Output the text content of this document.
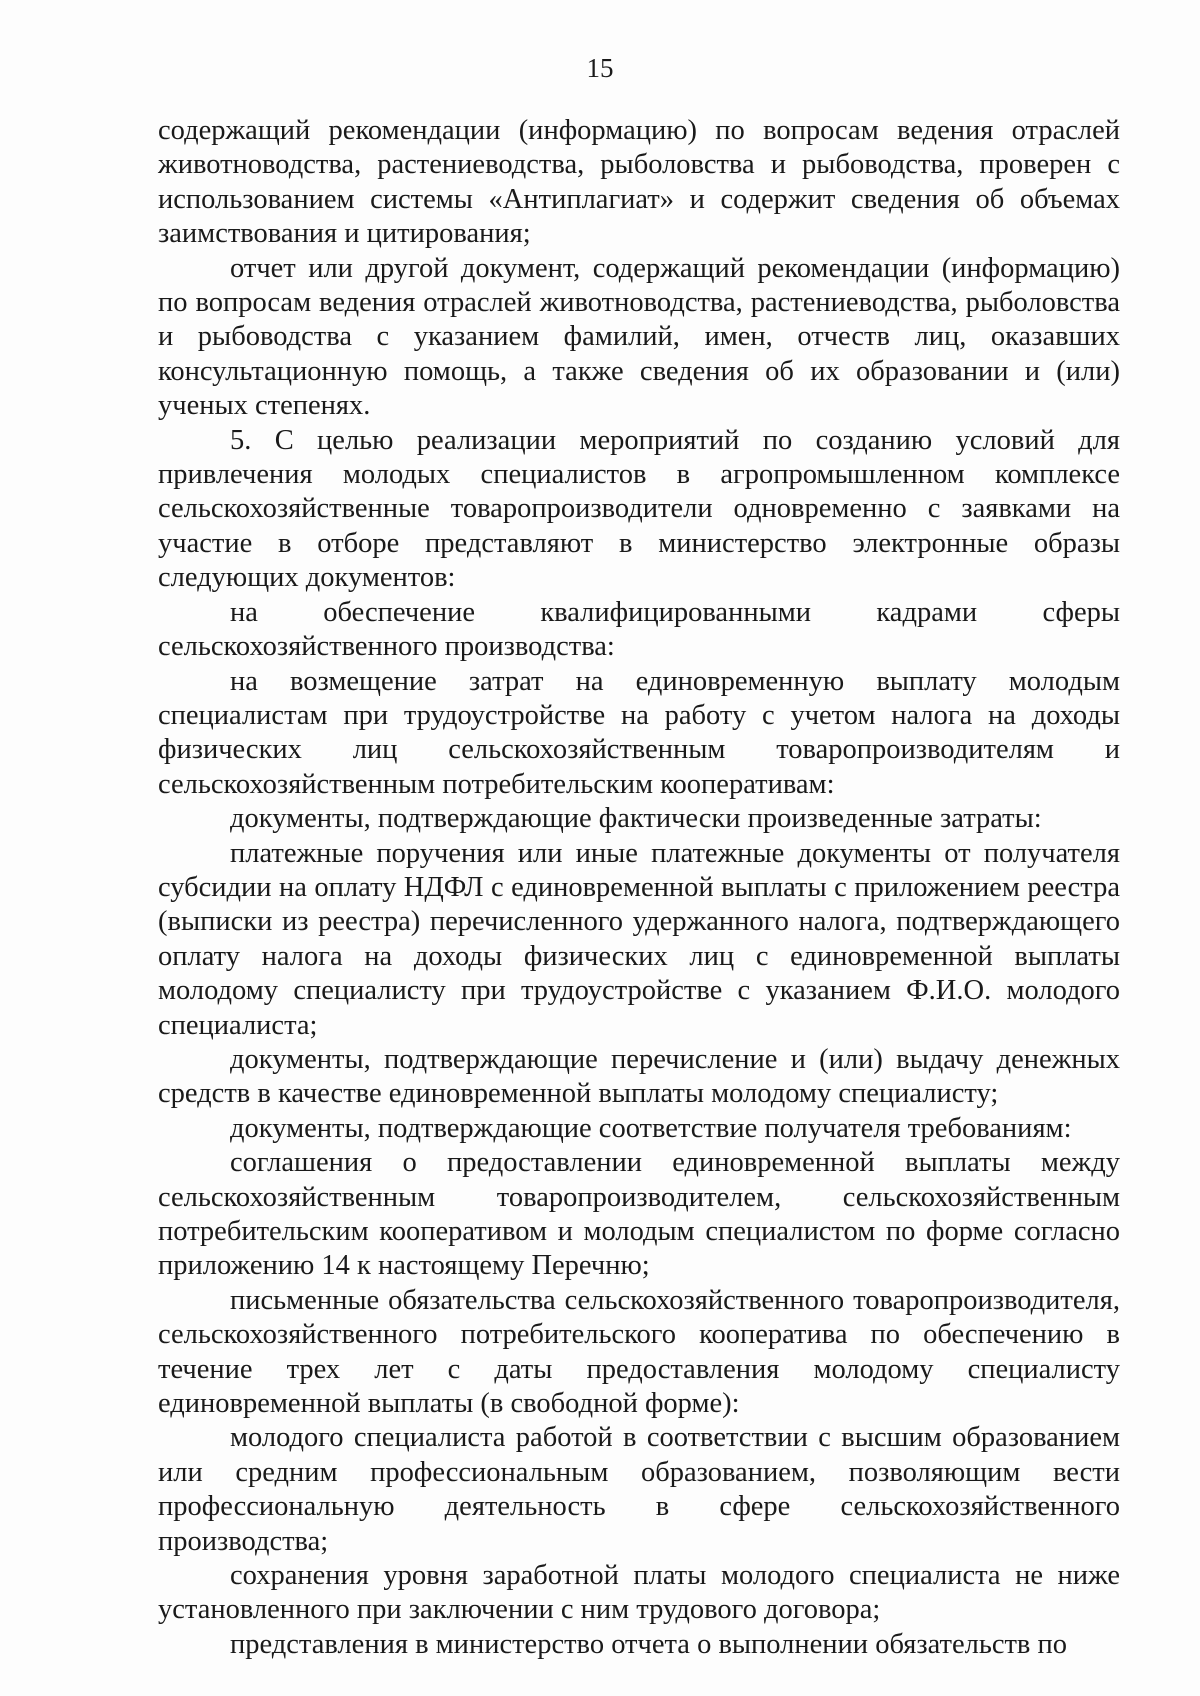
15

содержащий рекомендации (информацию) по вопросам ведения отраслей животноводства, растениеводства, рыболовства и рыбоводства, проверен с использованием системы «Антиплагиат» и содержит сведения об объемах заимствования и цитирования;

отчет или другой документ, содержащий рекомендации (информацию) по вопросам ведения отраслей животноводства, растениеводства, рыболовства и рыбоводства с указанием фамилий, имен, отчеств лиц, оказавших консультационную помощь, а также сведения об их образовании и (или) ученых степенях.

5. С целью реализации мероприятий по созданию условий для привлечения молодых специалистов в агропромышленном комплексе сельскохозяйственные товаропроизводители одновременно с заявками на участие в отборе представляют в министерство электронные образы следующих документов:

на обеспечение квалифицированными кадрами сферы сельскохозяйственного производства:

на возмещение затрат на единовременную выплату молодым специалистам при трудоустройстве на работу с учетом налога на доходы физических лиц сельскохозяйственным товаропроизводителям и сельскохозяйственным потребительским кооперативам:

документы, подтверждающие фактически произведенные затраты:

платежные поручения или иные платежные документы от получателя субсидии на оплату НДФЛ с единовременной выплаты с приложением реестра (выписки из реестра) перечисленного удержанного налога, подтверждающего оплату налога на доходы физических лиц с единовременной выплаты молодому специалисту при трудоустройстве с указанием Ф.И.О. молодого специалиста;

документы, подтверждающие перечисление и (или) выдачу денежных средств в качестве единовременной выплаты молодому специалисту;

документы, подтверждающие соответствие получателя требованиям:

соглашения о предоставлении единовременной выплаты между сельскохозяйственным товаропроизводителем, сельскохозяйственным потребительским кооперативом и молодым специалистом по форме согласно приложению 14 к настоящему Перечню;

письменные обязательства сельскохозяйственного товаропроизводителя, сельскохозяйственного потребительского кооператива по обеспечению в течение трех лет с даты предоставления молодому специалисту единовременной выплаты (в свободной форме):

молодого специалиста работой в соответствии с высшим образованием или средним профессиональным образованием, позволяющим вести профессиональную деятельность в сфере сельскохозяйственного производства;

сохранения уровня заработной платы молодого специалиста не ниже установленного при заключении с ним трудового договора;

представления в министерство отчета о выполнении обязательств по
